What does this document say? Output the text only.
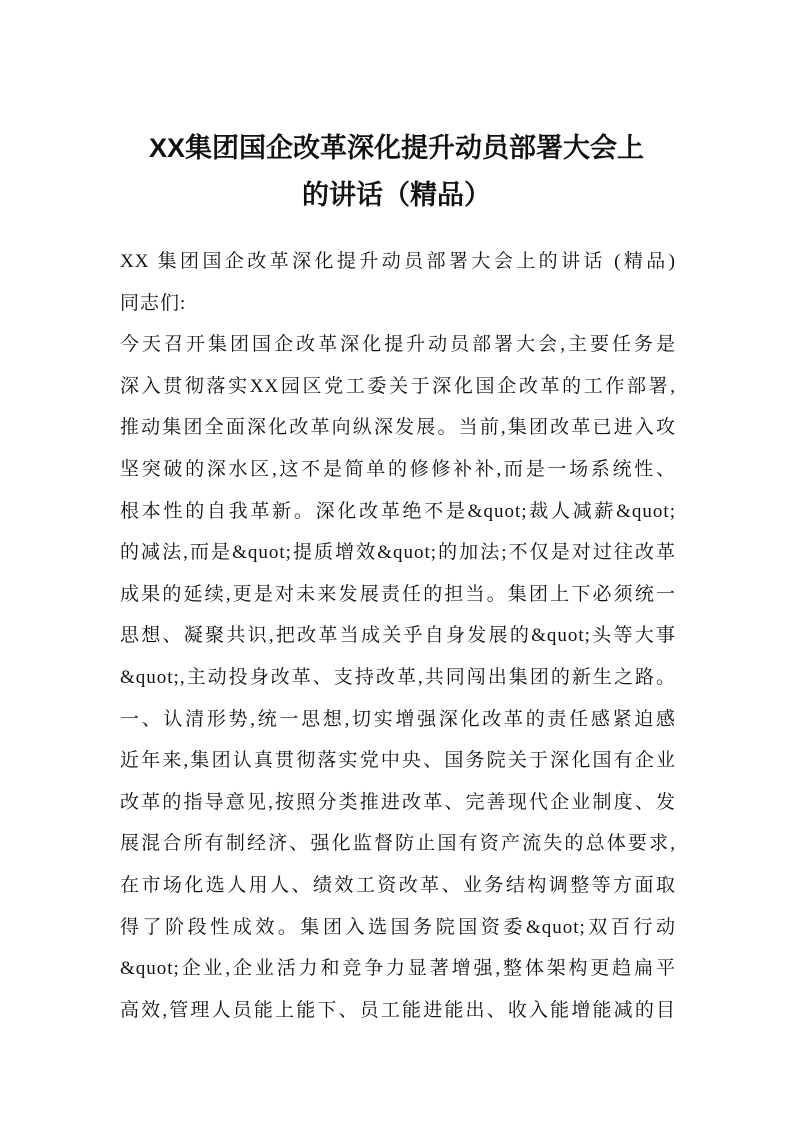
XX集团国企改革深化提升动员部署大会上
的讲话（精品）
XX 集团国企改革深化提升动员部署大会上的讲话 (精品)
同志们:
今天召开集团国企改革深化提升动员部署大会,主要任务是
深入贯彻落实XX园区党工委关于深化国企改革的工作部署,
推动集团全面深化改革向纵深发展。当前,集团改革已进入攻
坚突破的深水区,这不是简单的修修补补,而是一场系统性、
根本性的自我革新。深化改革绝不是&quot;裁人减薪&quot;
的减法,而是&quot;提质增效&quot;的加法;不仅是对过往改革
成果的延续,更是对未来发展责任的担当。集团上下必须统一
思想、凝聚共识,把改革当成关乎自身发展的&quot;头等大事
&quot;,主动投身改革、支持改革,共同闯出集团的新生之路。
一、认清形势,统一思想,切实增强深化改革的责任感紧迫感
近年来,集团认真贯彻落实党中央、国务院关于深化国有企业
改革的指导意见,按照分类推进改革、完善现代企业制度、发
展混合所有制经济、强化监督防止国有资产流失的总体要求,
在市场化选人用人、绩效工资改革、业务结构调整等方面取
得了阶段性成效。集团入选国务院国资委&quot;双百行动
&quot;企业,企业活力和竞争力显著增强,整体架构更趋扁平
高效,管理人员能上能下、员工能进能出、收入能增能减的目
